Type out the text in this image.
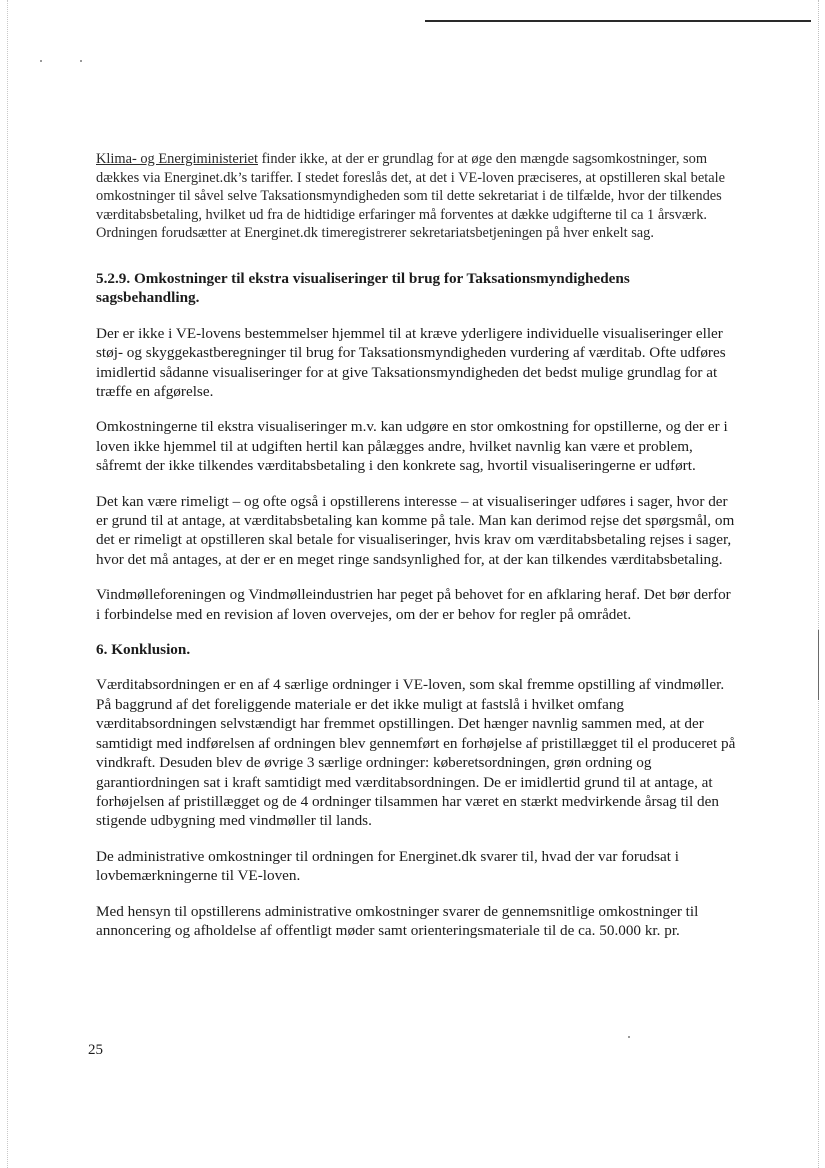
Klima- og Energiministeriet finder ikke, at der er grundlag for at øge den mængde sagsomkostninger, som dækkes via Energinet.dk’s tariffer. I stedet foreslås det, at det i VE-loven præciseres, at opstilleren skal betale omkostninger til såvel selve Taksationsmyndigheden som til dette sekretariat i de tilfælde, hvor der tilkendes værditabsbetaling, hvilket ud fra de hidtidige erfaringer må forventes at dække udgifterne til ca 1 årsværk. Ordningen forudsætter at Energinet.dk timeregistrerer sekretariatsbetjeningen på hver enkelt sag.

5.2.9. Omkostninger til ekstra visualiseringer til brug for Taksationsmyndighedens sagsbehandling.

Der er ikke i VE-lovens bestemmelser hjemmel til at kræve yderligere individuelle visualiseringer eller støj- og skyggekastberegninger til brug for Taksationsmyndigheden vurdering af værditab. Ofte udføres imidlertid sådanne visualiseringer for at give Taksationsmyndigheden det bedst mulige grundlag for at træffe en afgørelse.

Omkostningerne til ekstra visualiseringer m.v. kan udgøre en stor omkostning for opstillerne, og der er i loven ikke hjemmel til at udgiften hertil kan pålægges andre, hvilket navnlig kan være et problem, såfremt der ikke tilkendes værditabsbetaling i den konkrete sag, hvortil visualiseringerne er udført.

Det kan være rimeligt – og ofte også i opstillerens interesse – at visualiseringer udføres i sager, hvor der er grund til at antage, at værditabsbetaling kan komme på tale. Man kan derimod rejse det spørgsmål, om det er rimeligt at opstilleren skal betale for visualiseringer, hvis krav om værditabsbetaling rejses i sager, hvor det må antages, at der er en meget ringe sandsynlighed for, at der kan tilkendes værditabsbetaling.

Vindmølleforeningen og Vindmølleindustrien har peget på behovet for en afklaring heraf. Det bør derfor i forbindelse med en revision af loven overvejes, om der er behov for regler på området.

6. Konklusion.

Værditabsordningen er en af 4 særlige ordninger i VE-loven, som skal fremme opstilling af vindmøller. På baggrund af det foreliggende materiale er det ikke muligt at fastslå i hvilket omfang værditabsordningen selvstændigt har fremmet opstillingen. Det hænger navnlig sammen med, at der samtidigt med indførelsen af ordningen blev gennemført en forhøjelse af pristillægget til el produceret på vindkraft. Desuden blev de øvrige 3 særlige ordninger: køberetsordningen, grøn ordning og garantiordningen sat i kraft samtidigt med værditabsordningen. De er imidlertid grund til at antage, at forhøjelsen af pristillægget og de 4 ordninger tilsammen har været en stærkt medvirkende årsag til den stigende udbygning med vindmøller til lands.

De administrative omkostninger til ordningen for Energinet.dk svarer til, hvad der var forudsat i lovbemærkningerne til VE-loven.

Med hensyn til opstillerens administrative omkostninger svarer de gennemsnitlige omkostninger til annoncering og afholdelse af offentligt møder samt orienteringsmateriale til de ca. 50.000 kr. pr.

25
